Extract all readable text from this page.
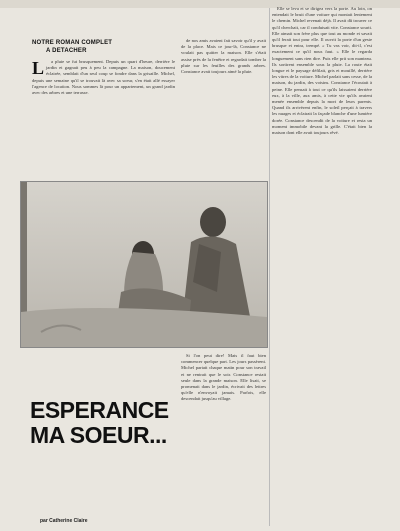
NOTRE ROMAN COMPLET
A DETACHER
L	a pluie se fut brusquement. Depuis un quart d'heure, derrière le jardin et gagnait peu à peu la campagne. La maison, doucement éclairée, semblait d'un seul coup se fondre dans la grisaille. Michel, depuis une semaine qu'il se trouvait là avec sa soeur, s'en était allé essayer l'agence de location. Nous sommes là pour un appartement, un grand jardin avec des arbres et une terrasse.

de nos amis avaient fait savoir qu'il y avait de la place. Mais ce jour-là, Constance ne voulait pas quitter la maison. Elle s'était assise près de la fenêtre et regardait tomber la pluie sur les feuilles des grands arbres. Constance avait toujours aimé la pluie.

Elle se leva et se dirigea vers la porte. Au loin, on entendait le bruit d'une voiture qui montait lentement le chemin. Michel revenait déjà. Il avait dû trouver ce qu'il cherchait, car il conduisait vite. Constance sourit. Elle aimait son frère plus que tout au monde et savait qu'il ferait tout pour elle. Il ouvrit la porte d'un geste brusque et entra, trempé. « Tu vas voir, dit-il, c'est exactement ce qu'il nous faut. » Elle le regarda longuement sans rien dire. Puis elle prit son manteau. Ils sortirent ensemble sous la pluie. La route était longue et le paysage défilait, gris et mouillé, derrière les vitres de la voiture. Michel parlait sans cesse, de la maison, du jardin, des voisins. Constance l'écoutait à peine. Elle pensait à tout ce qu'ils laissaient derrière eux, à la ville, aux amis, à cette vie qu'ils avaient menée ensemble depuis la mort de leurs parents. Quand ils arrivèrent enfin, le soleil perçait à travers les nuages et éclairait la façade blanche d'une lumière dorée. Constance descendit de la voiture et resta un moment immobile devant la grille. C'était bien la maison dont elle avait toujours rêvé.

Si l'on peut dire! Mais il faut bien commencer quelque part. Les jours passèrent. Michel partait chaque matin pour son travail et ne rentrait que le soir. Constance restait seule dans la grande maison. Elle lisait, se promenait dans le jardin, écrivait des lettres qu'elle n'envoyait jamais. Parfois, elle descendait jusqu'au village.

ESPERANCE
MA SOEUR...
par Catherine Claire
